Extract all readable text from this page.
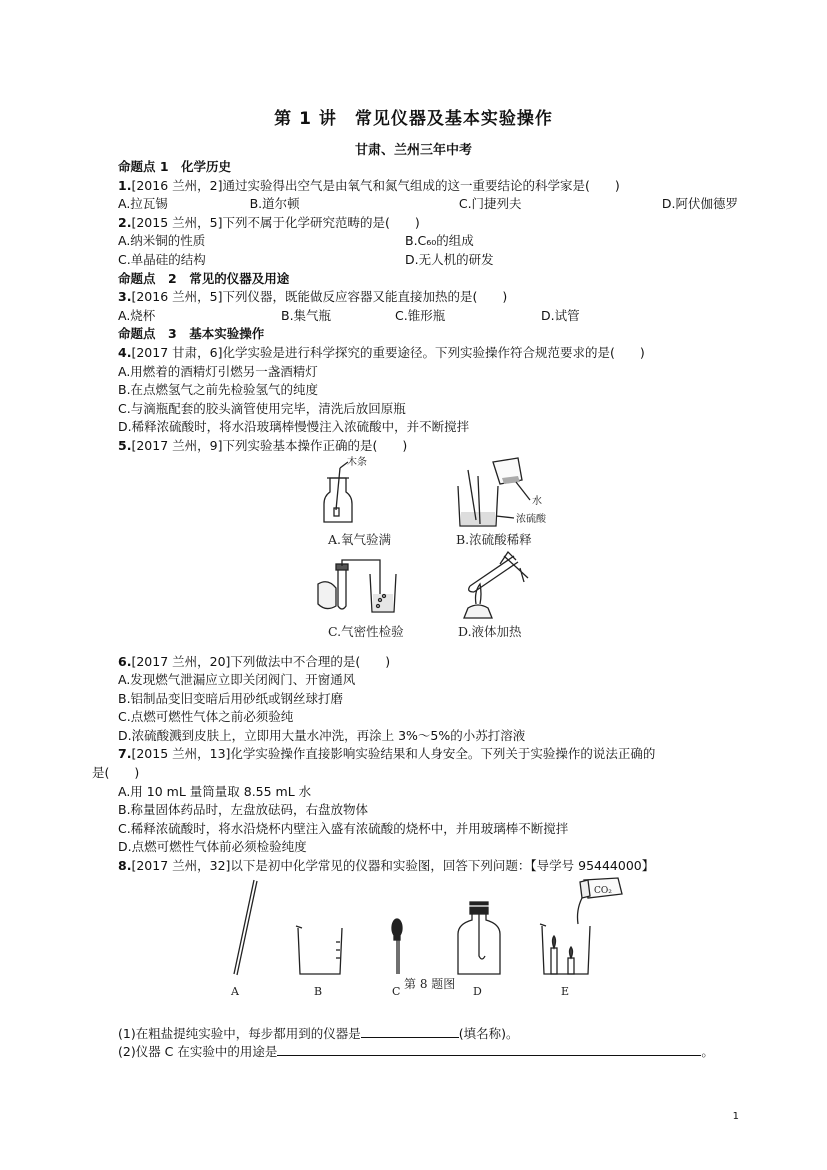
第 1 讲　常见仪器及基本实验操作
甘肃、兰州三年中考
命题点 1　化学历史
1.[2016 兰州，2]通过实验得出空气是由氧气和氮气组成的这一重要结论的科学家是(　　)
A.拉瓦锡	B.道尔顿	C.门捷列夫	D.阿伏伽德罗
2.[2015 兰州，5]下列不属于化学研究范畴的是(　　)
A.纳米铜的性质	B.C₆₀的组成
C.单晶硅的结构	D.无人机的研发
命题点　2　常见的仪器及用途
3.[2016 兰州，5]下列仪器，既能做反应容器又能直接加热的是(　　)
A.烧杯	B.集气瓶	C.锥形瓶	D.试管
命题点　3　基本实验操作
4.[2017 甘肃，6]化学实验是进行科学探究的重要途径。下列实验操作符合规范要求的是(　　)
A.用燃着的酒精灯引燃另一盏酒精灯
B.在点燃氢气之前先检验氢气的纯度
C.与滴瓶配套的胶头滴管使用完毕，清洗后放回原瓶
D.稀释浓硫酸时，将水沿玻璃棒慢慢注入浓硫酸中，并不断搅拌
5.[2017 兰州，9]下列实验基本操作正确的是(　　)
木条
A.氧气验满
水
浓硫酸
B.浓硫酸稀释
C.气密性检验	D.液体加热
6.[2017 兰州，20]下列做法中不合理的是(　　)
A.发现燃气泄漏应立即关闭阀门、开窗通风
B.铝制品变旧变暗后用砂纸或钢丝球打磨
C.点燃可燃性气体之前必须验纯
D.浓硫酸溅到皮肤上，立即用大量水冲洗，再涂上 3%～5%的小苏打溶液
7.[2015 兰州，13]化学实验操作直接影响实验结果和人身安全。下列关于实验操作的说法正确的
是(　　)
A.用 10 mL 量筒量取 8.55 mL 水
B.称量固体药品时，左盘放砝码，右盘放物体
C.稀释浓硫酸时，将水沿烧杯内壁注入盛有浓硫酸的烧杯中，并用玻璃棒不断搅拌
D.点燃可燃性气体前必须检验纯度
8.[2017 兰州，32]以下是初中化学常见的仪器和实验图，回答下列问题：【导学号 95444000】
A	B	C	D
CO₂
E
第 8 题图
(1)在粗盐提纯实验中，每步都用到的仪器是	(填名称)。
(2)仪器 C 在实验中的用途是	。
1
